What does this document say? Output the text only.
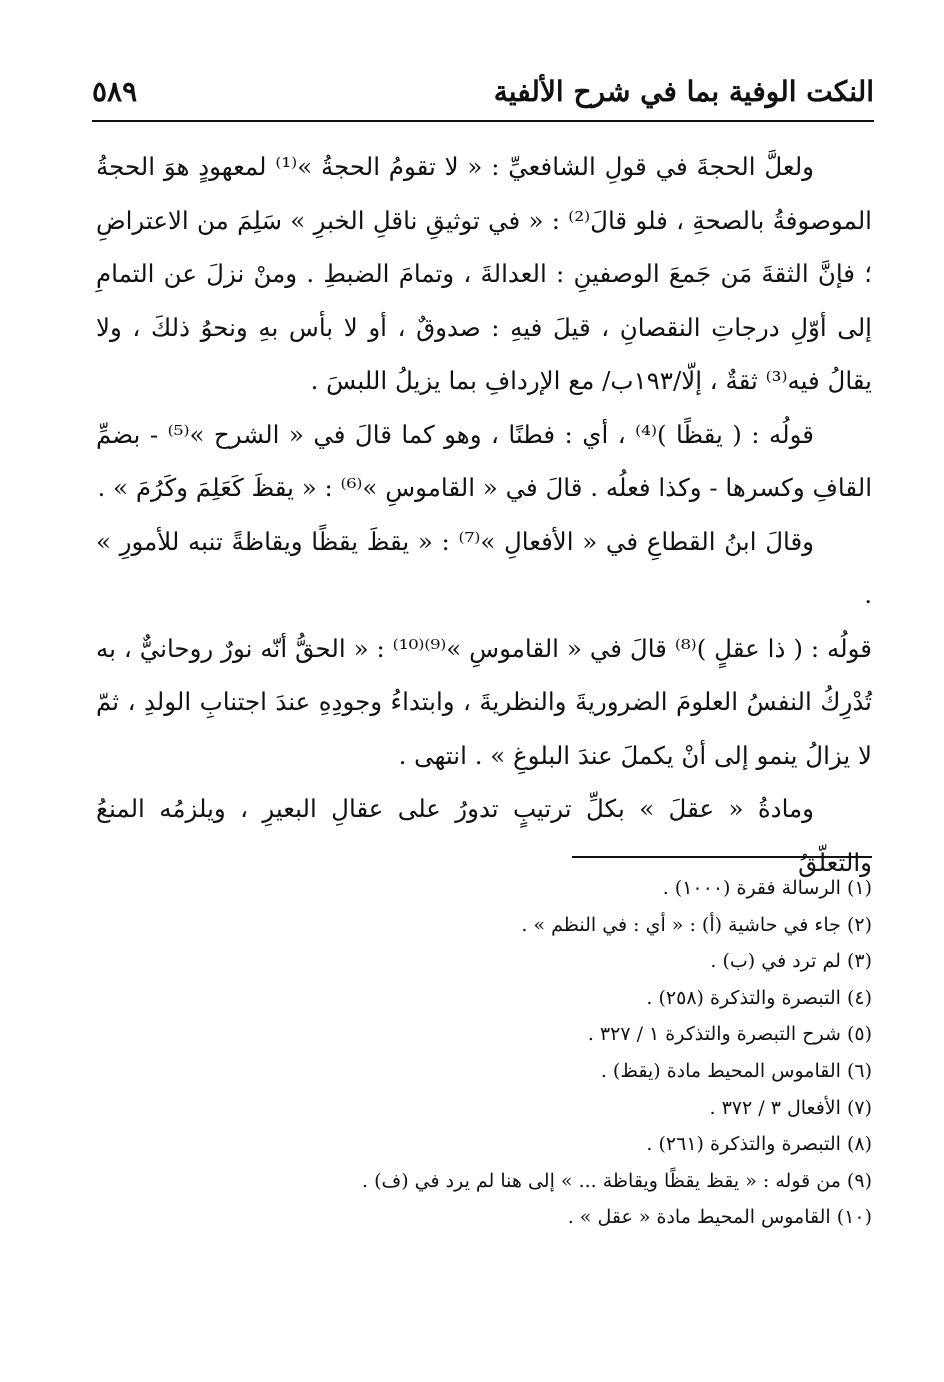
النكت الوفية بما في شرح الألفية
٥٨٩

ولعلَّ الحجةَ في قولِ الشافعيِّ : « لا تقومُ الحجةُ »⁽¹⁾ لمعهودٍ هوَ الحجةُ الموصوفةُ بالصحةِ ، فلو قالَ⁽²⁾ : « في توثيقِ ناقلِ الخبرِ » سَلِمَ من الاعتراضِ ؛ فإنَّ الثقةَ مَن جَمعَ الوصفينِ : العدالةَ ، وتمامَ الضبطِ . ومنْ نزلَ عن التمامِ إلى أوّلِ درجاتِ النقصانِ ، قيلَ فيهِ : صدوقٌ ، أو لا بأس بهِ ونحوُ ذلكَ ، ولا يقالُ فيه⁽³⁾ ثقةٌ ، إلّا/١٩٣ب/ مع الإردافِ بما يزيلُ اللبسَ .

قولُه : ( يقظًا )⁽⁴⁾ ، أي : فطنًا ، وهو كما قالَ في « الشرح »⁽⁵⁾ - بضمِّ القافِ وكسرها - وكذا فعلُه . قالَ في « القاموسِ »⁽⁶⁾ : « يقظَ كَعَلِمَ وكَرُمَ » .

وقالَ ابنُ القطاعِ في « الأفعالِ »⁽⁷⁾ : « يقظَ يقظًا ويقاظةً تنبه للأمورِ » .

قولُه : ( ذا عقلٍ )⁽⁸⁾ قالَ في « القاموسِ »⁽⁹⁾⁽¹⁰⁾ : « الحقُّ أنّه نورٌ روحانيٌّ ، به تُدْرِكُ النفسُ العلومَ الضروريةَ والنظريةَ ، وابتداءُ وجودِهِ عندَ اجتنابِ الولدِ ، ثمّ لا يزالُ ينمو إلى أنْ يكملَ عندَ البلوغِ » . انتهى .

ومادةُ « عقلَ » بكلِّ ترتيبٍ تدورُ على عقالِ البعيرِ ، ويلزمُه المنعُ والتعلّقُ

(١) الرسالة فقرة (١٠٠٠) .

(٢) جاء في حاشية (أ) : « أي : في النظم » .

(٣) لم ترد في (ب) .

(٤) التبصرة والتذكرة (٢٥٨) .

(٥) شرح التبصرة والتذكرة ١ / ٣٢٧ .

(٦) القاموس المحيط مادة (يقظ) .

(٧) الأفعال ٣ / ٣٧٢ .

(٨) التبصرة والتذكرة (٢٦١) .

(٩) من قوله : « يقظ يقظًا ويقاظة ... » إلى هنا لم يرد في (ف) .

(١٠) القاموس المحيط مادة « عقل » .
